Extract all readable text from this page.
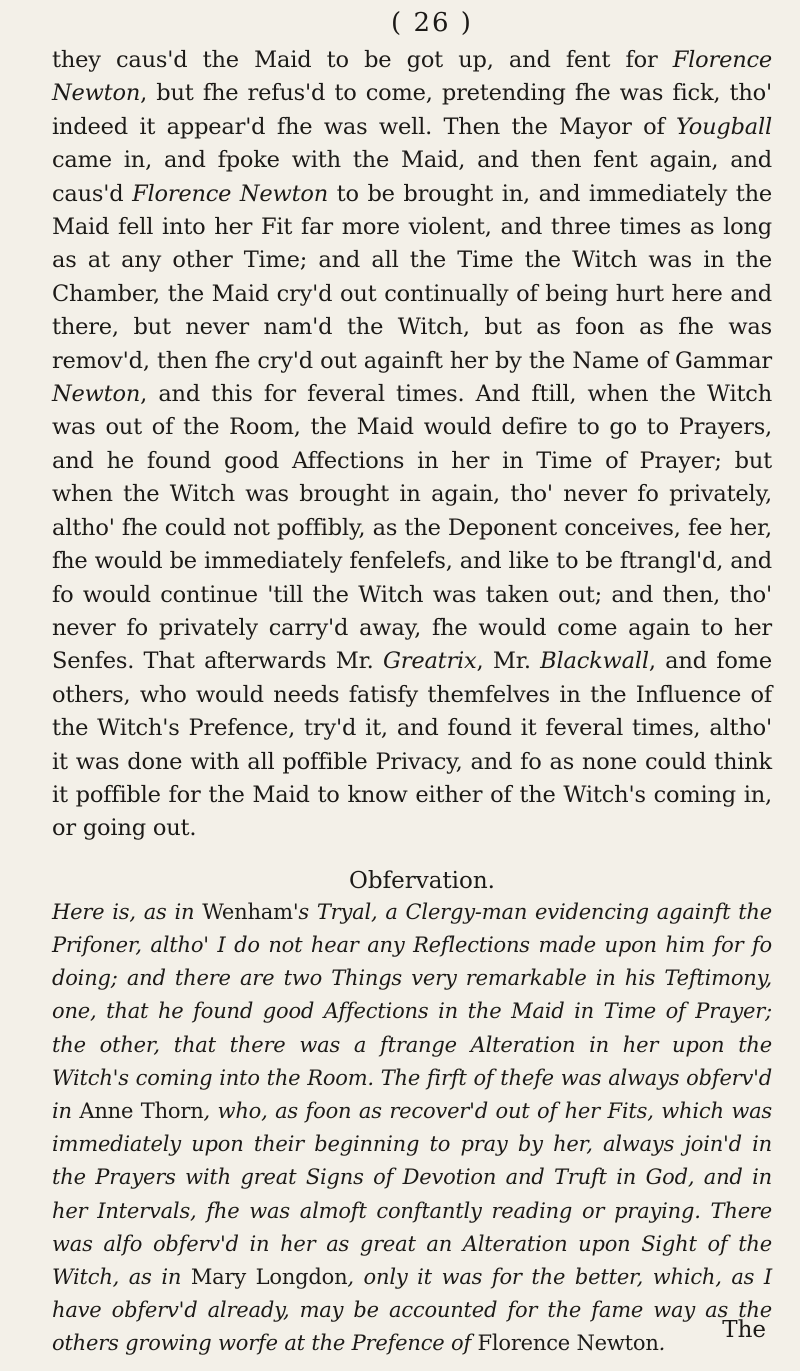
( 26 )

they caus'd the Maid to be got up, and fent for Florence Newton, but fhe refus'd to come, pretending fhe was fick, tho' indeed it appear'd fhe was well. Then the Mayor of Yougball came in, and fpoke with the Maid, and then fent again, and caus'd Florence Newton to be brought in, and immediately the Maid fell into her Fit far more violent, and three times as long as at any other Time; and all the Time the Witch was in the Chamber, the Maid cry'd out continually of being hurt here and there, but never nam'd the Witch, but as foon as fhe was remov'd, then fhe cry'd out againft her by the Name of Gammar Newton, and this for feveral times. And ftill, when the Witch was out of the Room, the Maid would defire to go to Prayers, and he found good Affections in her in Time of Prayer; but when the Witch was brought in again, tho' never fo privately, altho' fhe could not poffibly, as the Deponent conceives, fee her, fhe would be immediately fenfelefs, and like to be ftrangl'd, and fo would continue 'till the Witch was taken out; and then, tho' never fo privately carry'd away, fhe would come again to her Senfes. That afterwards Mr. Greatrix, Mr. Blackwall, and fome others, who would needs fatisfy themfelves in the Influence of the Witch's Prefence, try'd it, and found it feveral times, altho' it was done with all poffible Privacy, and fo as none could think it poffible for the Maid to know either of the Witch's coming in, or going out.

Obfervation.

Here is, as in Wenham's Tryal, a Clergy-man evidencing againft the Prifoner, altho' I do not hear any Reflections made upon him for fo doing; and there are two Things very remarkable in his Teftimony, one, that he found good Affections in the Maid in Time of Prayer; the other, that there was a ftrange Alteration in her upon the Witch's coming into the Room. The firft of thefe was always obferv'd in Anne Thorn, who, as foon as recover'd out of her Fits, which was immediately upon their beginning to pray by her, always join'd in the Prayers with great Signs of Devotion and Truft in God, and in her Intervals, fhe was almoft conftantly reading or praying. There was alfo obferv'd in her as great an Alteration upon Sight of the Witch, as in Mary Longdon, only it was for the better, which, as I have obferv'd already, may be accounted for the fame way as the others growing worfe at the Prefence of Florence Newton.

The
